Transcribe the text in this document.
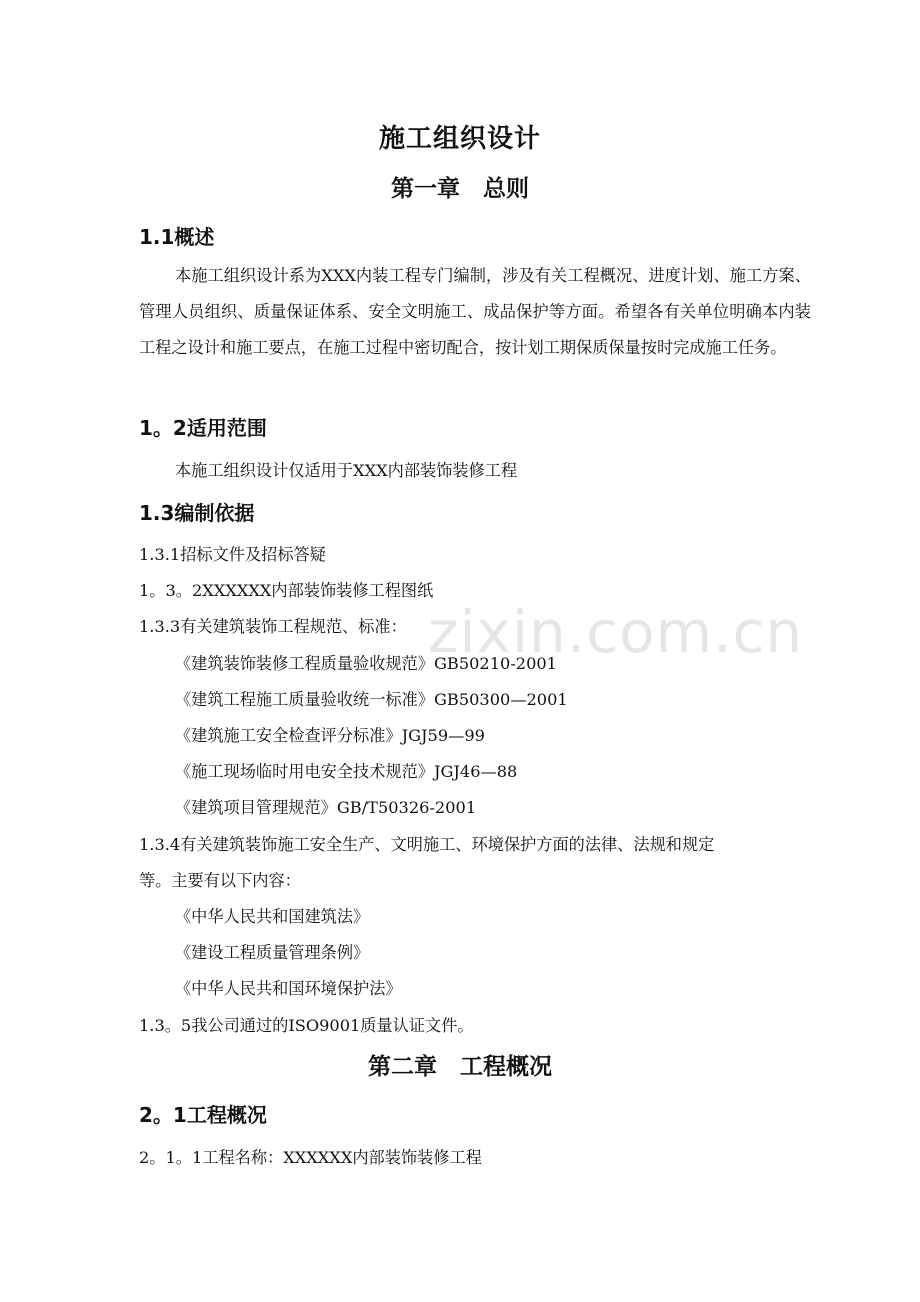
zixin.com.cn
施工组织设计
第一章　总则
1.1概述
本施工组织设计系为XXX内装工程专门编制，涉及有关工程概况、进度计划、施工方案、管理人员组织、质量保证体系、安全文明施工、成品保护等方面。希望各有关单位明确本内装工程之设计和施工要点，在施工过程中密切配合，按计划工期保质保量按时完成施工任务。
1。2适用范围
本施工组织设计仅适用于XXX内部装饰装修工程
1.3编制依据
1.3.1招标文件及招标答疑
1。3。2XXXXXX内部装饰装修工程图纸
1.3.3有关建筑装饰工程规范、标准：
《建筑装饰装修工程质量验收规范》GB50210-2001
《建筑工程施工质量验收统一标准》GB50300—2001
《建筑施工安全检查评分标准》JGJ59—99
《施工现场临时用电安全技术规范》JGJ46—88
《建筑项目管理规范》GB/T50326-2001
1.3.4有关建筑装饰施工安全生产、文明施工、环境保护方面的法律、法规和规定
等。主要有以下内容：
《中华人民共和国建筑法》
《建设工程质量管理条例》
《中华人民共和国环境保护法》
1.3。5我公司通过的ISO9001质量认证文件。
第二章　工程概况
2。1工程概况
2。1。1工程名称：XXXXXX内部装饰装修工程
